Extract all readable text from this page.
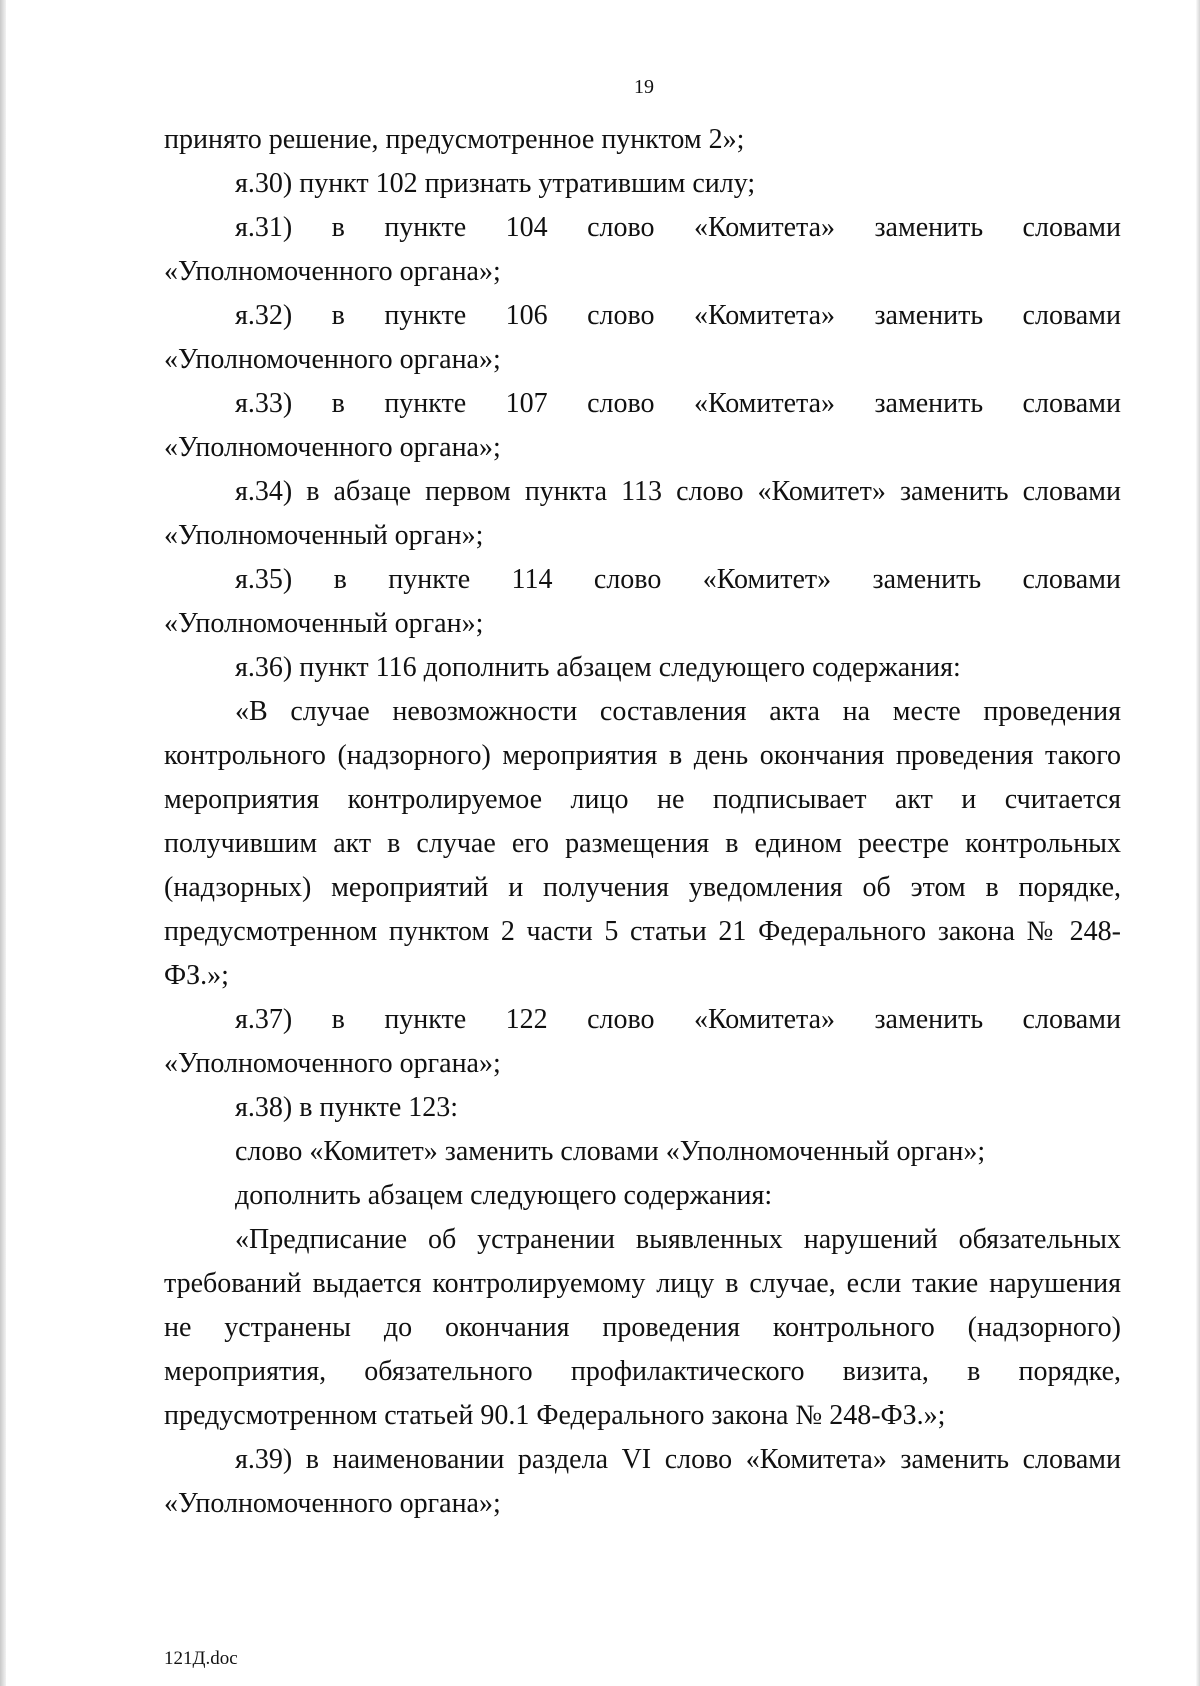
19

принято решение, предусмотренное пунктом 2»;

я.30) пункт 102 признать утратившим силу;

я.31) в пункте 104 слово «Комитета» заменить словами

«Уполномоченного органа»;

я.32) в пункте 106 слово «Комитета» заменить словами

«Уполномоченного органа»;

я.33) в пункте 107 слово «Комитета» заменить словами

«Уполномоченного органа»;

я.34) в абзаце первом пункта 113 слово «Комитет» заменить словами «Уполномоченный орган»;

я.35) в пункте 114 слово «Комитет» заменить словами

«Уполномоченный орган»;

я.36) пункт 116 дополнить абзацем следующего содержания:

«В случае невозможности составления акта на месте проведения контрольного (надзорного) мероприятия в день окончания проведения такого мероприятия контролируемое лицо не подписывает акт и считается получившим акт в случае его размещения в едином реестре контрольных (надзорных) мероприятий и получения уведомления об этом в порядке, предусмотренном пунктом 2 части 5 статьи 21 Федерального закона № 248-ФЗ.»;

я.37) в пункте 122 слово «Комитета» заменить словами

«Уполномоченного органа»;

я.38) в пункте 123:

слово «Комитет» заменить словами «Уполномоченный орган»;

дополнить абзацем следующего содержания:

«Предписание об устранении выявленных нарушений обязательных требований выдается контролируемому лицу в случае, если такие нарушения не устранены до окончания проведения контрольного (надзорного) мероприятия, обязательного профилактического визита, в порядке, предусмотренном статьей 90.1 Федерального закона № 248-ФЗ.»;

я.39) в наименовании раздела VI слово «Комитета» заменить словами «Уполномоченного органа»;

121Д.doc
